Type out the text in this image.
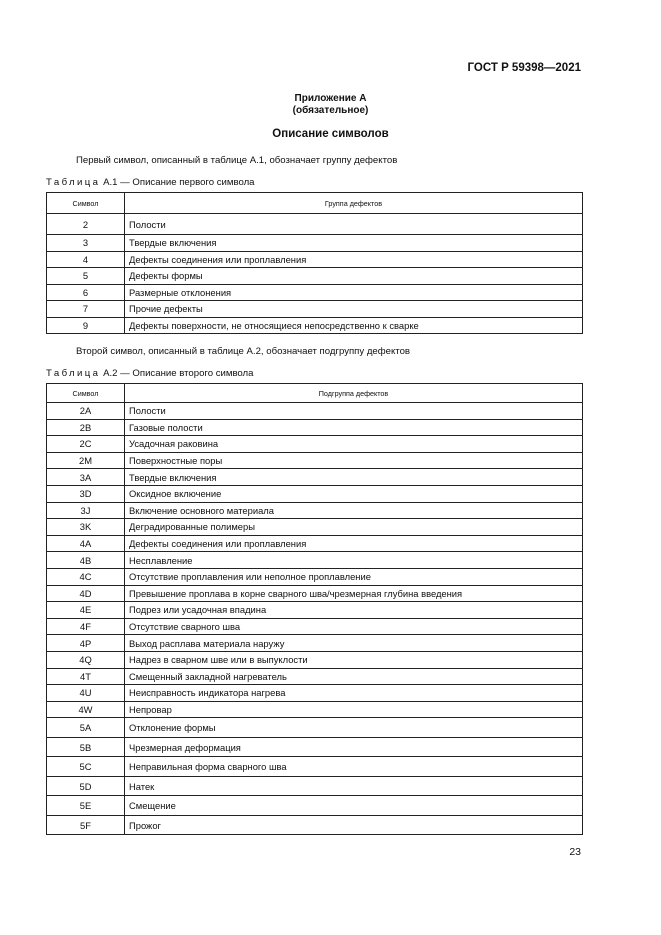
ГОСТ Р 59398—2021
Приложение А
(обязательное)
Описание символов
Первый символ, описанный в таблице А.1, обозначает группу дефектов
Таблица А.1 — Описание первого символа
Символ	Группа дефектов
2	Полости
3	Твердые включения
4	Дефекты соединения или проплавления
5	Дефекты формы
6	Размерные отклонения
7	Прочие дефекты
9	Дефекты поверхности, не относящиеся непосредственно к сварке
Второй символ, описанный в таблице А.2, обозначает подгруппу дефектов
Таблица А.2 — Описание второго символа
Символ	Подгруппа дефектов
2A	Полости
2B	Газовые полости
2C	Усадочная раковина
2M	Поверхностные поры
3A	Твердые включения
3D	Оксидное включение
3J	Включение основного материала
3K	Деградированные полимеры
4A	Дефекты соединения или проплавления
4B	Несплавление
4C	Отсутствие проплавления или неполное проплавление
4D	Превышение проплава в корне сварного шва/чрезмерная глубина введения
4E	Подрез или усадочная впадина
4F	Отсутствие сварного шва
4P	Выход расплава материала наружу
4Q	Надрез в сварном шве или в выпуклости
4T	Смещенный закладной нагреватель
4U	Неисправность индикатора нагрева
4W	Непровар
5A	Отклонение формы
5B	Чрезмерная деформация
5C	Неправильная форма сварного шва
5D	Натек
5E	Смещение
5F	Прожог
23
